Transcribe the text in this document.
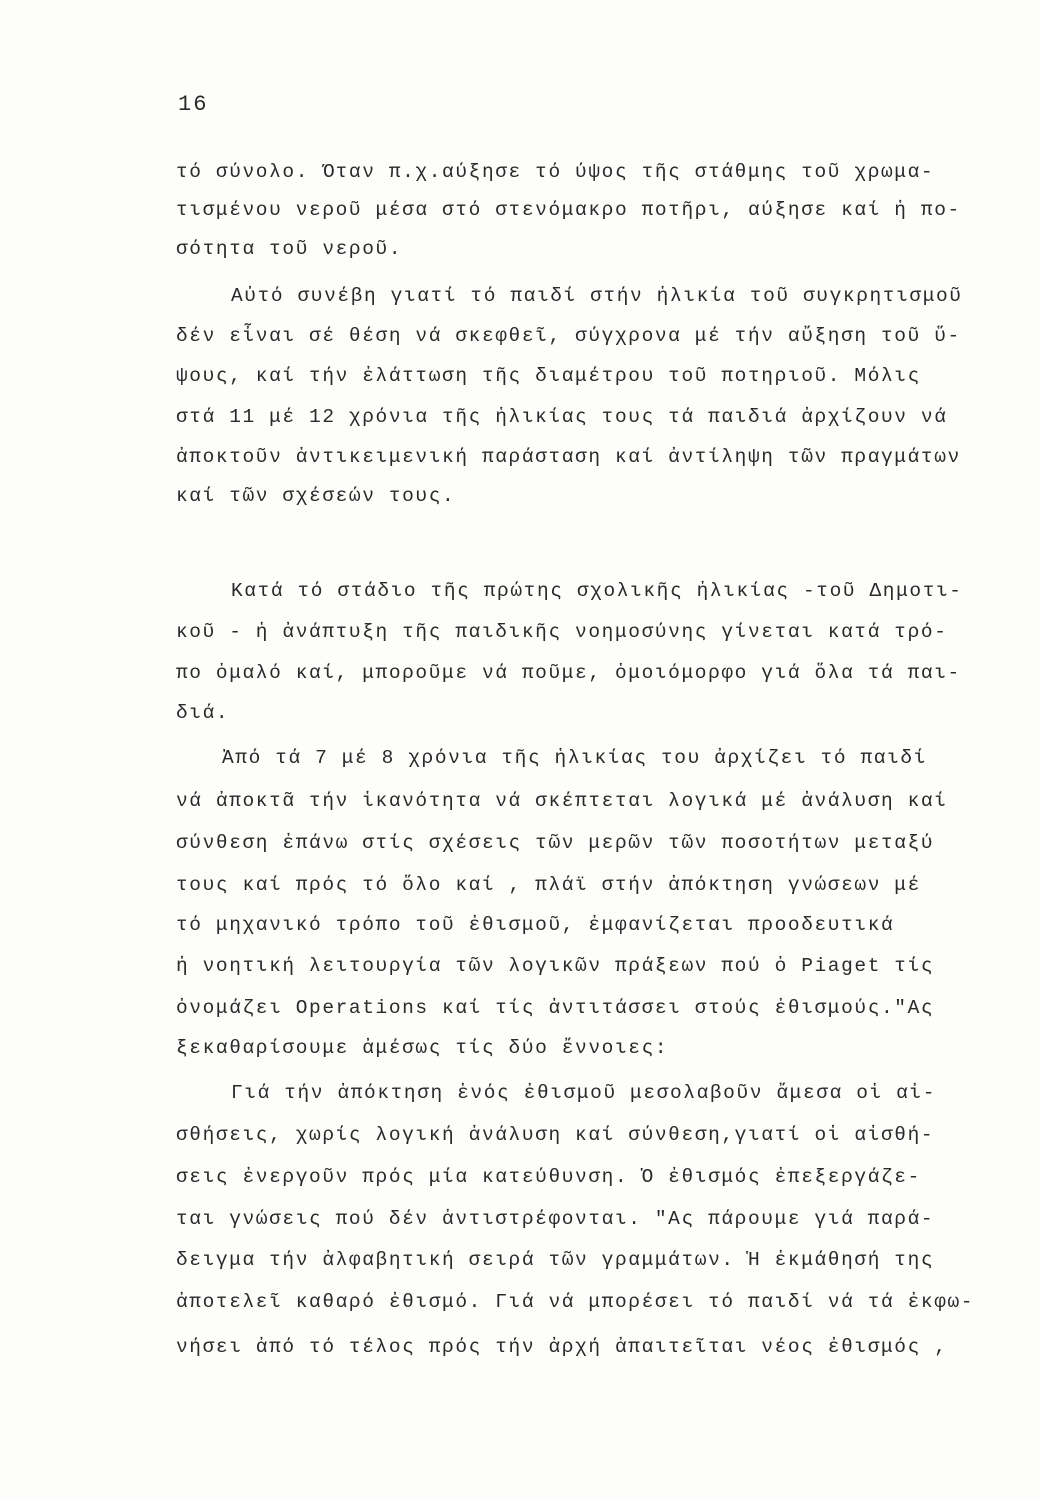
16
τό σύνολο. Όταν π.χ.αύξησε τό ύψος τῆς στάθμης τοῦ χρωμα-
τισμένου νεροῦ μέσα στό στενόμακρο ποτῆρι, αύξησε καί ἡ πο-
σότητα τοῦ νεροῦ.
Αὐτό συνέβη γιατί τό παιδί στήν ἡλικία τοῦ συγκρητισμοῦ
δέν εἶναι σέ θέση νά σκεφθεῖ, σύγχρονα μέ τήν αὔξηση τοῦ ὕ-
ψους, καί τήν ἐλάττωση τῆς διαμέτρου τοῦ ποτηριοῦ. Μόλις
στά 11 μέ 12 χρόνια τῆς ἡλικίας τους τά παιδιά ἀρχίζουν νά
ἀποκτοῦν ἀντικειμενική παράσταση καί ἀντίληψη τῶν πραγμάτων
καί τῶν σχέσεών τους.
Κατά τό στάδιο τῆς πρώτης σχολικῆς ἡλικίας -τοῦ Δημοτι-
κοῦ - ἡ ἀνάπτυξη τῆς παιδικῆς νοημοσύνης γίνεται κατά τρό-
πο ὁμαλό καί, μποροῦμε νά ποῦμε, ὁμοιόμορφο γιά ὅλα τά παι-
διά.
Ἀπό τά 7 μέ 8 χρόνια τῆς ἡλικίας του ἀρχίζει τό παιδί
νά ἀποκτᾶ τήν ἱκανότητα νά σκέπτεται λογικά μέ ἀνάλυση καί
σύνθεση ἐπάνω στίς σχέσεις τῶν μερῶν τῶν ποσοτήτων μεταξύ
τους καί πρός τό ὅλο καί , πλάϊ στήν ἀπόκτηση γνώσεων μέ
τό μηχανικό τρόπο τοῦ ἐθισμοῦ, ἐμφανίζεται προοδευτικά
ἡ νοητική λειτουργία τῶν λογικῶν πράξεων πού ὁ Piaget τίς
ὀνομάζει Operations καί τίς ἀντιτάσσει στούς ἐθισμούς."Ας
ξεκαθαρίσουμε ἀμέσως τίς δύο ἔννοιες:
Γιά τήν ἀπόκτηση ἑνός ἐθισμοῦ μεσολαβοῦν ἄμεσα οἱ αἰ-
σθήσεις, χωρίς λογική ἀνάλυση καί σύνθεση,γιατί οἱ αἰσθή-
σεις ἐνεργοῦν πρός μία κατεύθυνση. Ὁ ἐθισμός ἐπεξεργάζε-
ται γνώσεις πού δέν ἀντιστρέφονται. "Ας πάρουμε γιά παρά-
δειγμα τήν ἀλφαβητική σειρά τῶν γραμμάτων. Ἡ ἐκμάθησή της
ἀποτελεῖ καθαρό ἐθισμό. Γιά νά μπορέσει τό παιδί νά τά ἐκφω-
νήσει ἀπό τό τέλος πρός τήν ἀρχή ἀπαιτεῖται νέος ἐθισμός ,
